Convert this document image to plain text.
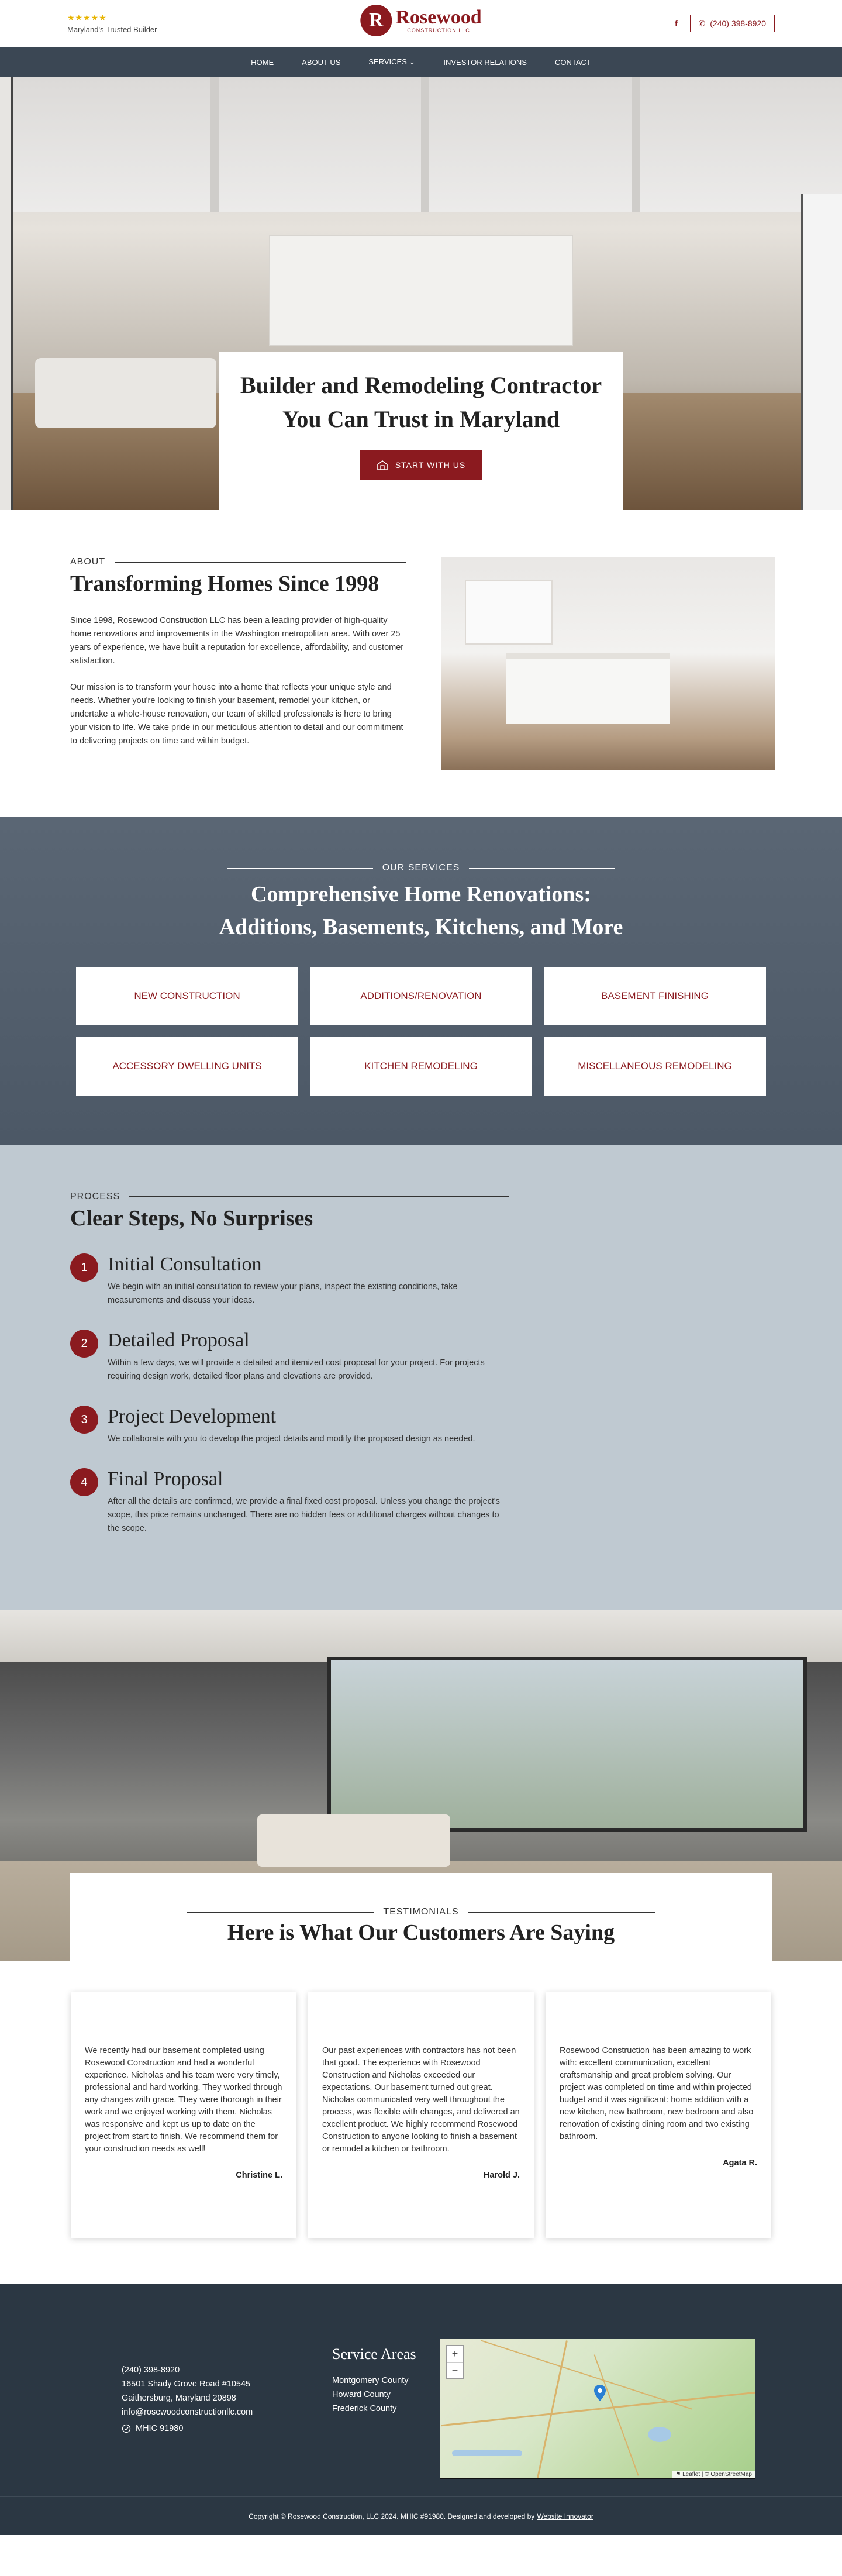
★★★★★
Maryland's Trusted Builder	R Rosewood
CONSTRUCTION LLC
f	✆ (240) 398-8920
HOME	ABOUT US	SERVICES ⌄	INVESTOR RELATIONS	CONTACT
Builder and Remodeling Contractor
You Can Trust in Maryland
START WITH US
ABOUT
Transforming Homes Since 1998

Since 1998, Rosewood Construction LLC has been a leading provider of high-quality home renovations and improvements in the Washington metropolitan area. With over 25 years of experience, we have built a reputation for excellence, affordability, and customer satisfaction.

Our mission is to transform your house into a home that reflects your unique style and needs. Whether you're looking to finish your basement, remodel your kitchen, or undertake a whole-house renovation, our team of skilled professionals is here to bring your vision to life. We take pride in our meticulous attention to detail and our commitment to delivering projects on time and within budget.

OUR SERVICES
Comprehensive Home Renovations:
Additions, Basements, Kitchens, and More
NEW CONSTRUCTION	ADDITIONS/RENOVATION	BASEMENT FINISHING
ACCESSORY DWELLING UNITS	KITCHEN REMODELING	MISCELLANEOUS REMODELING
PROCESS
Clear Steps, No Surprises
1	Initial Consultation
We begin with an initial consultation to review your plans, inspect the existing conditions, take measurements and discuss your ideas.
2	Detailed Proposal
Within a few days, we will provide a detailed and itemized cost proposal for your project. For projects requiring design work, detailed floor plans and elevations are provided.
3	Project Development
We collaborate with you to develop the project details and modify the proposed design as needed.
4	Final Proposal
After all the details are confirmed, we provide a final fixed cost proposal. Unless you change the project's scope, this price remains unchanged. There are no hidden fees or additional charges without changes to the scope.
TESTIMONIALS
Here is What Our Customers Are Saying

We recently had our basement completed using Rosewood Construction and had a wonderful experience. Nicholas and his team were very timely, professional and hard working. They worked through any changes with grace. They were thorough in their work and we enjoyed working with them. Nicholas was responsive and kept us up to date on the project from start to finish. We recommend them for your construction needs as well!

Christine L.

Our past experiences with contractors has not been that good. The experience with Rosewood Construction and Nicholas exceeded our expectations. Our basement turned out great. Nicholas communicated very well throughout the process, was flexible with changes, and delivered an excellent product. We highly recommend Rosewood Construction to anyone looking to finish a basement or remodel a kitchen or bathroom.

Harold J.

Rosewood Construction has been amazing to work with: excellent communication, excellent craftsmanship and great problem solving. Our project was completed on time and within projected budget and it was significant: home addition with a new kitchen, new bathroom, new bedroom and also renovation of existing dining room and two existing bathroom.

Agata R.
(240) 398-8920
16501 Shady Grove Road #10545
Gaithersburg, Maryland 20898
info@rosewoodconstructionllc.com
MHIC 91980
Service Areas
Montgomery County
Howard County
Frederick County
+
−
⚑ Leaflet | © OpenStreetMap
Copyright © Rosewood Construction, LLC 2024. MHIC #91980. Designed and developed by Website Innovator
